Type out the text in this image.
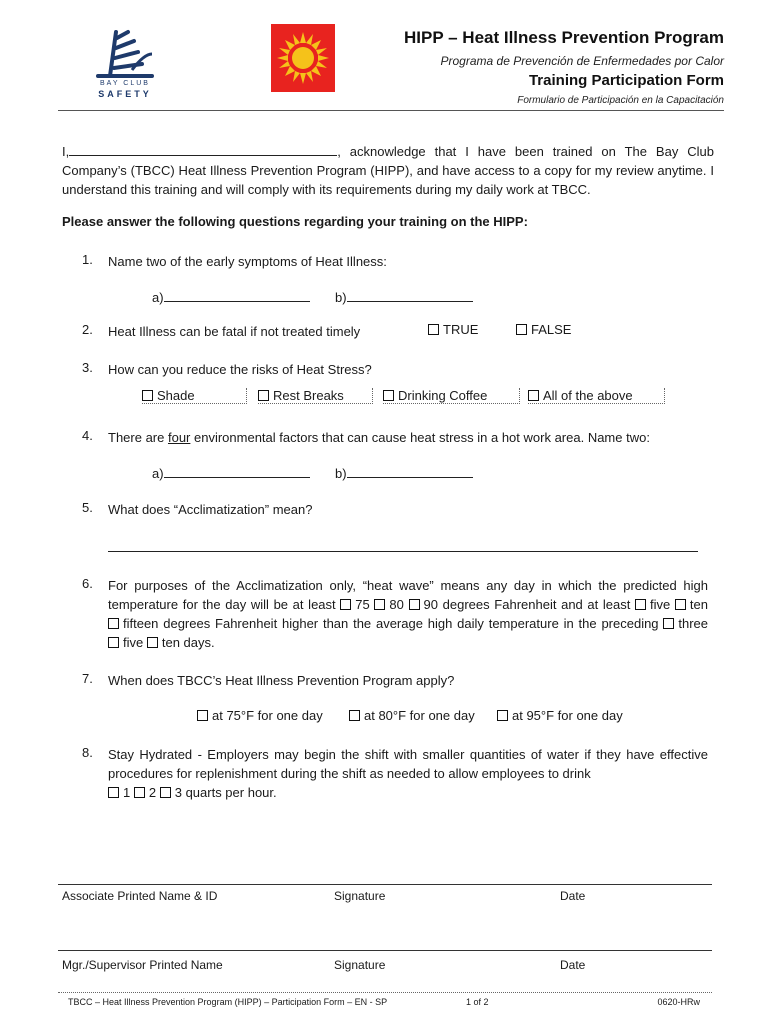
BAY CLUB
SAFETY
HIPP – Heat Illness Prevention Program
Programa de Prevención de Enfermedades por Calor
Training Participation Form
Formulario de Participación en la Capacitación
I,	, acknowledge that I have been trained on The Bay Club Company’s (TBCC) Heat Illness Prevention Program (HIPP), and have access to a copy for my review anytime. I understand this training and will comply with its requirements during my daily work at TBCC.
Please answer the following questions regarding your training on the HIPP:
1. Name two of the early symptoms of Heat Illness:
a)	b)
2. Heat Illness can be fatal if not treated timely	TRUE	FALSE
3. How can you reduce the risks of Heat Stress?
Shade	Rest Breaks	Drinking Coffee	All of the above
4. There are four environmental factors that can cause heat stress in a hot work area. Name two:
a)	b)
5. What does “Acclimatization” mean?
6. For purposes of the Acclimatization only, “heat wave” means any day in which the predicted high temperature for the day will be at least 75 80 90 degrees Fahrenheit and at least five ten fifteen degrees Fahrenheit higher than the average high daily temperature in the preceding three five ten days.
7. When does TBCC’s Heat Illness Prevention Program apply?
at 75°F for one day	at 80°F for one day	at 95°F for one day
8. Stay Hydrated - Employers may begin the shift with smaller quantities of water if they have effective procedures for replenishment during the shift as needed to allow employees to drink
1 2 3 quarts per hour.
Associate Printed Name & ID	Signature	Date
Mgr./Supervisor Printed Name	Signature	Date
TBCC – Heat Illness Prevention Program (HIPP) – Participation Form – EN - SP	1 of 2	0620-HRw
